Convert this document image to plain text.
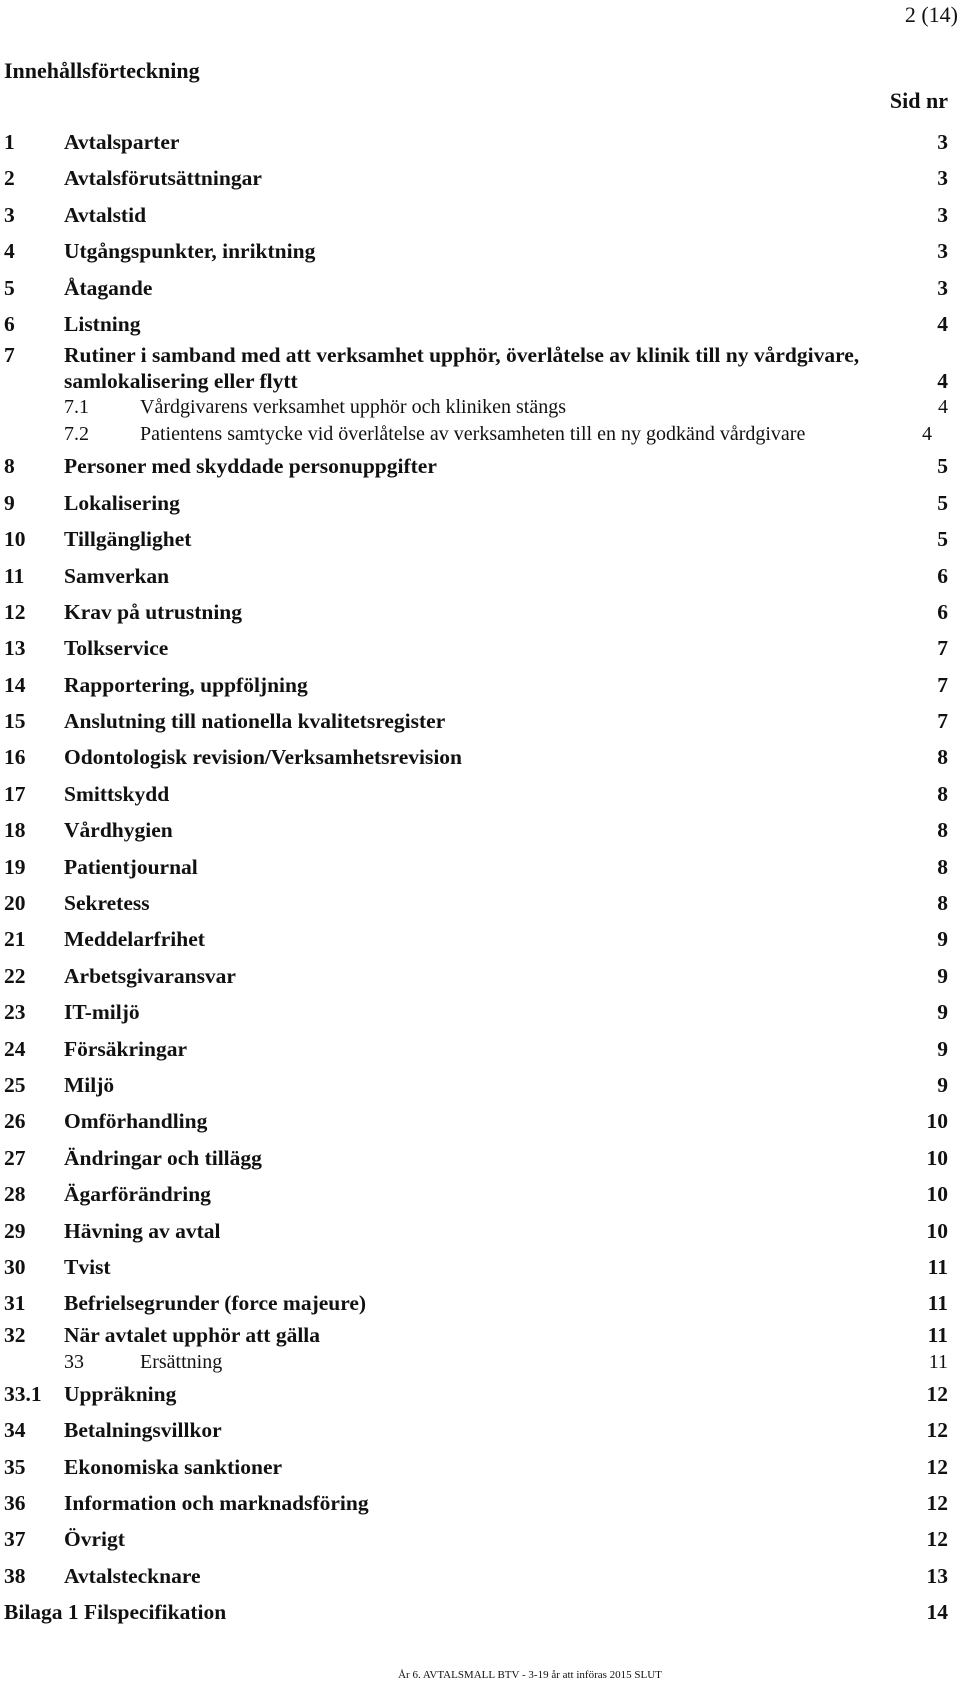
2 (14)
Innehållsförteckning
Sid nr
1 Avtalsparter	3
2 Avtalsförutsättningar	3
3 Avtalstid	3
4 Utgångspunkter, inriktning	3
5 Åtagande	3
6 Listning	4
7 Rutiner i samband med att verksamhet upphör, överlåtelse av klinik till ny vårdgivare, samlokalisering eller flytt	4
7.1	Vårdgivarens verksamhet upphör och kliniken stängs	4
7.2	Patientens samtycke vid överlåtelse av verksamheten till en ny godkänd vårdgivare	4
8 Personer med skyddade personuppgifter	5
9 Lokalisering	5
10 Tillgänglighet	5
11 Samverkan	6
12 Krav på utrustning	6
13 Tolkservice	7
14 Rapportering, uppföljning	7
15 Anslutning till nationella kvalitetsregister	7
16 Odontologisk revision/Verksamhetsrevision	8
17 Smittskydd	8
18 Vårdhygien	8
19 Patientjournal	8
20 Sekretess	8
21 Meddelarfrihet	9
22 Arbetsgivaransvar	9
23 IT-miljö	9
24 Försäkringar	9
25 Miljö	9
26 Omförhandling	10
27 Ändringar och tillägg	10
28 Ägarförändring	10
29 Hävning av avtal	10
30 Tvist	11
31 Befrielsegrunder (force majeure)	11
32 När avtalet upphör att gälla	11
33	Ersättning	11
33.1 Uppräkning	12
34 Betalningsvillkor	12
35 Ekonomiska sanktioner	12
36 Information och marknadsföring	12
37 Övrigt	12
38 Avtalstecknare	13
Bilaga 1 Filspecifikation	14
År 6. AVTALSMALL BTV - 3-19 år att införas 2015 SLUT
